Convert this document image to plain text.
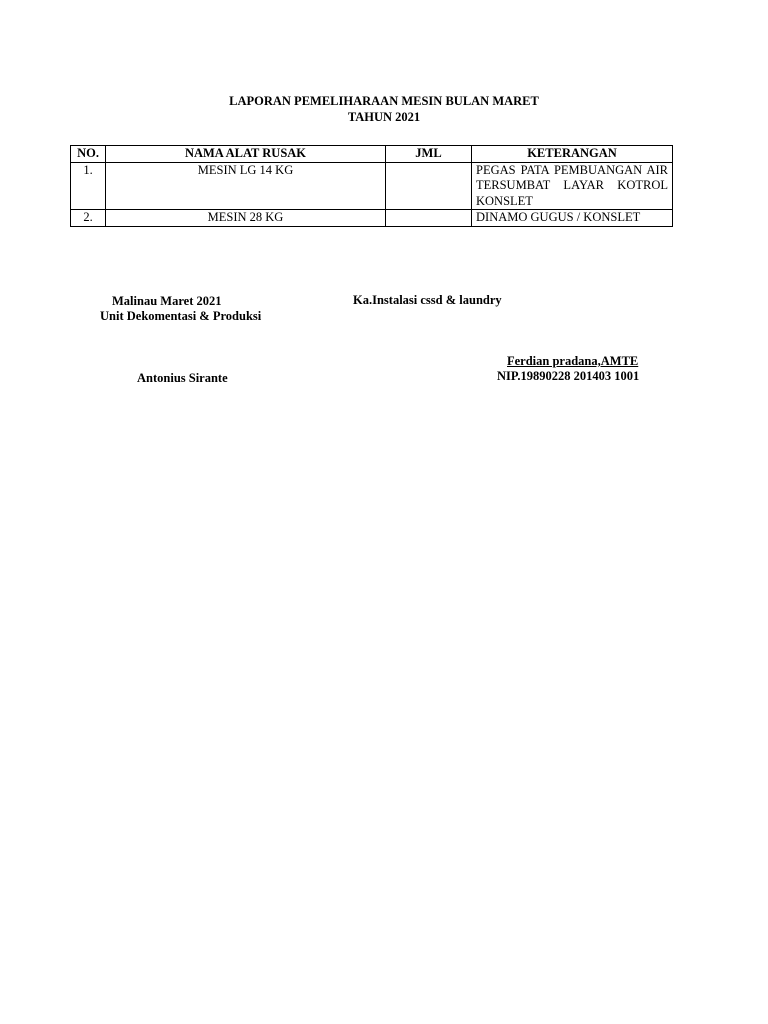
LAPORAN PEMELIHARAAN MESIN BULAN MARET
TAHUN 2021
NO.	NAMA ALAT RUSAK	JML	KETERANGAN
1.	MESIN LG 14 KG		PEGAS PATA PEMBUANGAN AIR TERSUMBAT LAYAR KOTROL KONSLET
2.	MESIN 28 KG		DINAMO GUGUS / KONSLET
Malinau Maret 2021
Unit Dekomentasi & Produksi
Antonius Sirante
Ka.Instalasi cssd & laundry
Ferdian pradana,AMTE
NIP.19890228 201403 1001
